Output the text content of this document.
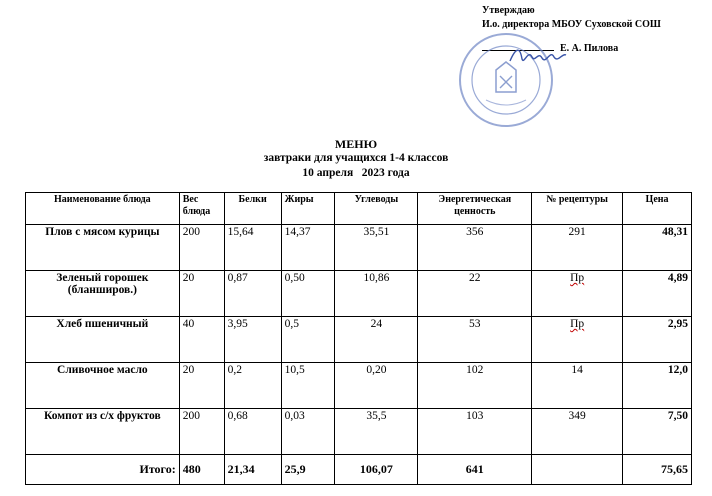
Утверждаю
И.о. директора МБОУ Суховской СОШ
Е. А. Пилова
МЕНЮ
завтраки для учащихся 1-4 классов
10 апреля 2023 года
Наименование блюда	Вес блюда	Белки	Жиры	Углеводы	Энергетическая ценность	№ рецептуры	Цена
Плов с мясом курицы	200	15,64	14,37	35,51	356	291	48,31
Зеленый горошек (бланширов.)	20	0,87	0,50	10,86	22	Пр	4,89
Хлеб пшеничный	40	3,95	0,5	24	53	Пр	2,95
Сливочное масло	20	0,2	10,5	0,20	102	14	12,0
Компот из с/х фруктов	200	0,68	0,03	35,5	103	349	7,50
Итого:	480	21,34	25,9	106,07	641		75,65
